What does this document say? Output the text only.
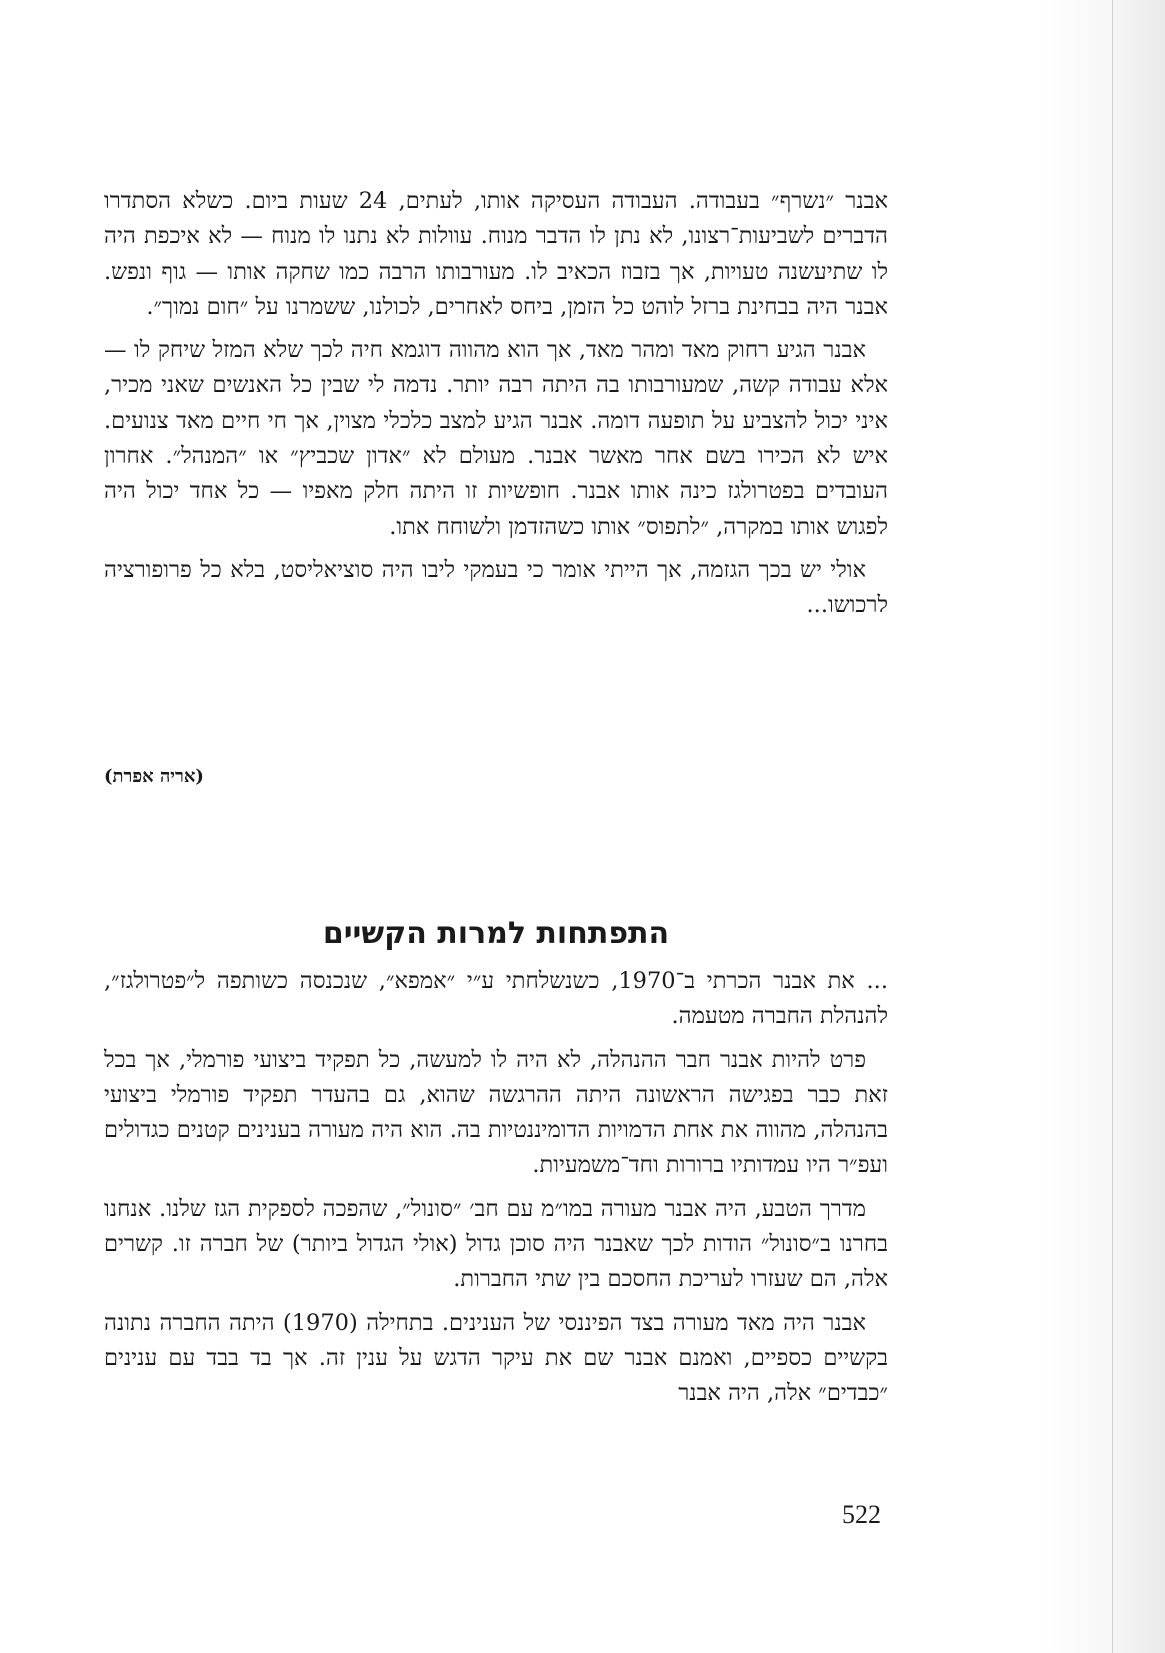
אבנר ״נשרף״ בעבודה. העבודה העסיקה אותו, לעתים, 24 שעות ביום. כשלא הסתדרו הדברים לשביעות־רצונו, לא נתן לו הדבר מנוח. עוולות לא נתנו לו מנוח — לא איכפת היה לו שתיעשנה טעויות, אך בזבוז הכאיב לו. מעורבותו הרבה כמו שחקה אותו — גוף ונפש. אבנר היה בבחינת ברזל לוהט כל הזמן, ביחס לאחרים, לכולנו, ששמרנו על ״חום נמוך״.

אבנר הגיע רחוק מאד ומהר מאד, אך הוא מהווה דוגמא חיה לכך שלא המזל שיחק לו — אלא עבודה קשה, שמעורבותו בה היתה רבה יותר. נדמה לי שבין כל האנשים שאני מכיר, איני יכול להצביע על תופעה דומה. אבנר הגיע למצב כלכלי מצוין, אך חי חיים מאד צנועים. איש לא הכירו בשם אחר מאשר אבנר. מעולם לא ״אדון שכביץ״ או ״המנהל״. אחרון העובדים בפטרולגז כינה אותו אבנר. חופשיות זו היתה חלק מאפיו — כל אחד יכול היה לפגוש אותו במקרה, ״לתפוס״ אותו כשהזדמן ולשוחח אתו.

אולי יש בכך הגזמה, אך הייתי אומר כי בעמקי ליבו היה סוציאליסט, בלא כל פרופורציה לרכושו...

(אריה אפרת)
התפתחות למרות הקשיים

... את אבנר הכרתי ב־1970, כשנשלחתי ע״י ״אמפא״, שנכנסה כשותפה ל״פטרולגז״, להנהלת החברה מטעמה.

פרט להיות אבנר חבר ההנהלה, לא היה לו למעשה, כל תפקיד ביצועי פורמלי, אך בכל זאת כבר בפגישה הראשונה היתה ההרגשה שהוא, גם בהעדר תפקיד פורמלי ביצועי בהנהלה, מהווה את אחת הדמויות הדומיננטיות בה. הוא היה מעורה בענינים קטנים כגדולים ועפ״ר היו עמדותיו ברורות וחד־משמעיות.

מדרך הטבע, היה אבנר מעורה במו״מ עם חב׳ ״סונול״, שהפכה לספקית הגז שלנו. אנחנו בחרנו ב״סונול״ הודות לכך שאבנר היה סוכן גדול (אולי הגדול ביותר) של חברה זו. קשרים אלה, הם שעזרו לעריכת החסכם בין שתי החברות.

אבנר היה מאד מעורה בצד הפיננסי של הענינים. בתחילה (1970) היתה החברה נתונה בקשיים כספיים, ואמנם אבנר שם את עיקר הדגש על ענין זה. אך בד בבד עם ענינים ״כבדים״ אלה, היה אבנר

522
